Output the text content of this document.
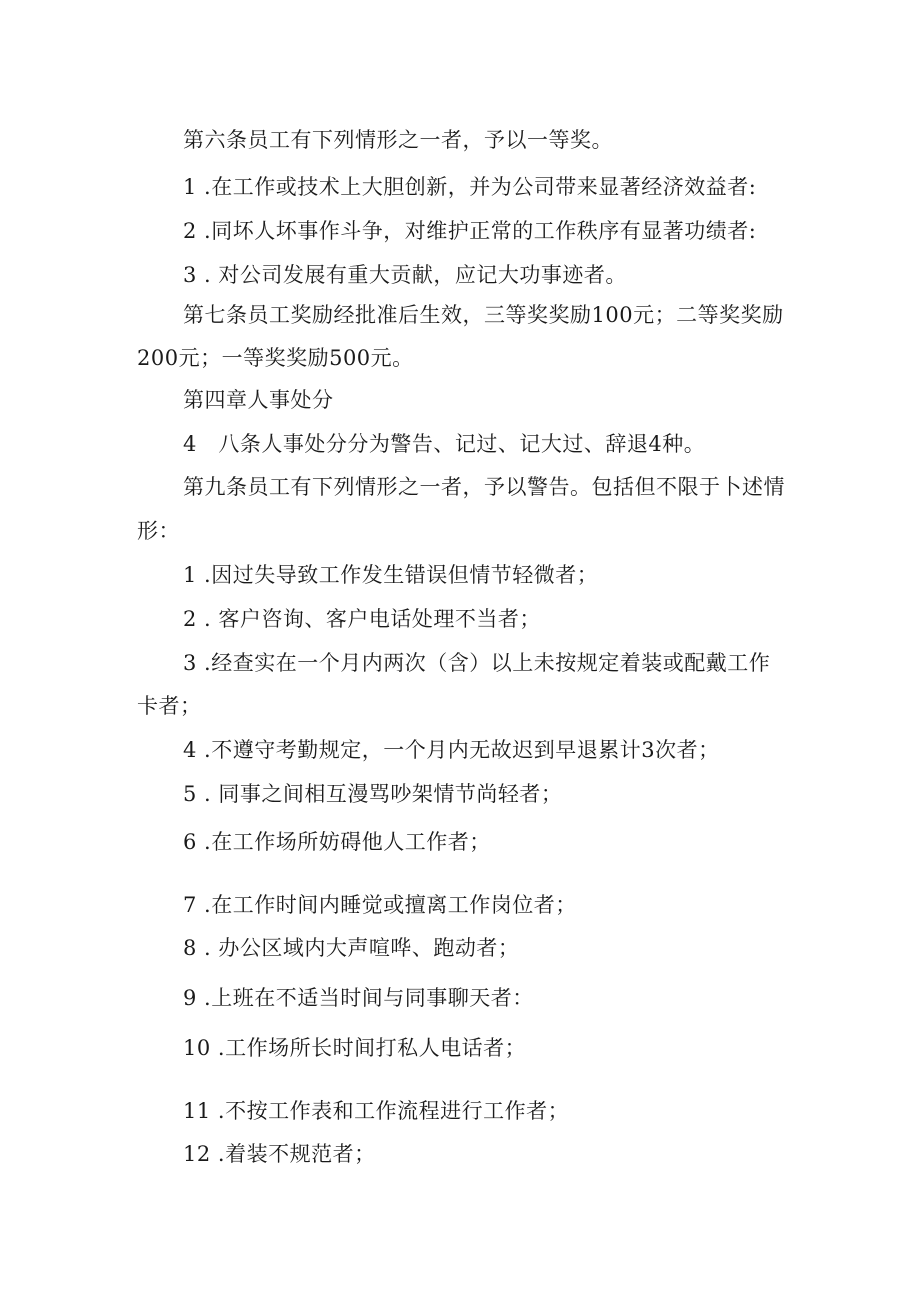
第六条员工有下列情形之一者，予以一等奖。
1 .在工作或技术上大胆创新，并为公司带来显著经济效益者:
2 .同坏人坏事作斗争，对维护正常的工作秩序有显著功绩者:
3 . 对公司发展有重大贡献，应记大功事迹者。
第七条员工奖励经批准后生效，三等奖奖励100元；二等奖奖励
200元；一等奖奖励500元。
第四章人事处分
4　八条人事处分分为警告、记过、记大过、辞退4种。
第九条员工有下列情形之一者，予以警告。包括但不限于卜述情
形：
1 .因过失导致工作发生错误但情节轻微者；
2 . 客户咨询、客户电话处理不当者；
3 .经查实在一个月内两次（含）以上未按规定着装或配戴工作
卡者；
4 .不遵守考勤规定，一个月内无故迟到早退累计3次者；
5 . 同事之间相互漫骂吵架情节尚轻者；
6 .在工作场所妨碍他人工作者；
7 .在工作时间内睡觉或擅离工作岗位者；
8 . 办公区域内大声喧哗、跑动者；
9 .上班在不适当时间与同事聊天者：
10 .工作场所长时间打私人电话者；
11 .不按工作表和工作流程进行工作者；
12 .着装不规范者；
